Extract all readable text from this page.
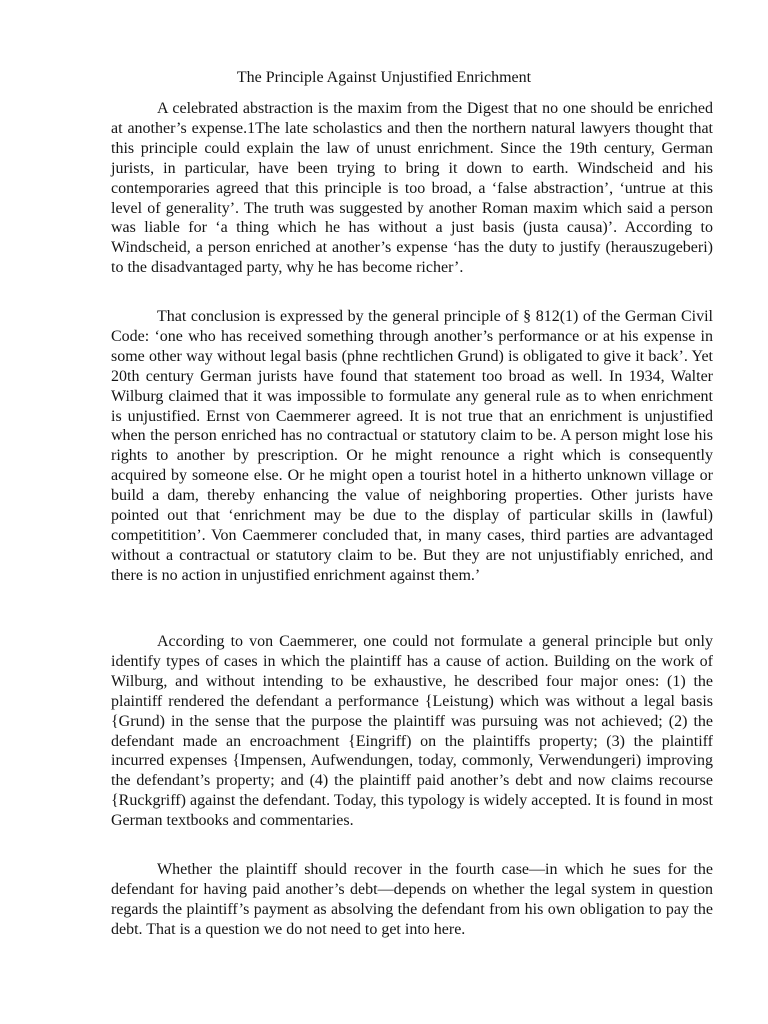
The Principle Against Unjustified Enrichment

A celebrated abstraction is the maxim from the Digest that no one should be enriched at another’s expense.1The late scholastics and then the northern natural lawyers thought that this principle could explain the law of unust enrichment. Since the 19th century, German jurists, in particular, have been trying to bring it down to earth. Windscheid and his contemporaries agreed that this principle is too broad, a ‘false abstraction’, ‘untrue at this level of generality’. The truth was suggested by another Roman maxim which said a person was liable for ‘a thing which he has without a just basis (justa causa)’. According to Windscheid, a person enriched at another’s expense ‘has the duty to justify (herauszugeberi) to the disadvantaged party, why he has become richer’.

That conclusion is expressed by the general principle of § 812(1) of the German Civil Code: ‘one who has received something through another’s performance or at his expense in some other way without legal basis (phne rechtlichen Grund) is obligated to give it back’. Yet 20th century German jurists have found that statement too broad as well. In 1934, Walter Wilburg claimed that it was impossible to formulate any general rule as to when enrichment is unjustified. Ernst von Caemmerer agreed. It is not true that an enrichment is unjustified when the person enriched has no contractual or statutory claim to be. A person might lose his rights to another by prescription. Or he might renounce a right which is consequently acquired by someone else. Or he might open a tourist hotel in a hitherto unknown village or build a dam, thereby enhancing the value of neighboring properties. Other jurists have pointed out that ‘enrichment may be due to the display of particular skills in (lawful) competitition’. Von Caemmerer concluded that, in many cases, third parties are advantaged without a contractual or statutory claim to be. But they are not unjustifiably enriched, and there is no action in unjustified enrichment against them.’

According to von Caemmerer, one could not formulate a general principle but only identify types of cases in which the plaintiff has a cause of action. Building on the work of Wilburg, and without intending to be exhaustive, he described four major ones: (1) the plaintiff rendered the defendant a performance {Leistung) which was without a legal basis {Grund) in the sense that the purpose the plaintiff was pursuing was not achieved; (2) the defendant made an encroachment {Eingriff) on the plaintiffs property; (3) the plaintiff incurred expenses {Impensen, Aufwendungen, today, commonly, Verwendungeri) improving the defendant’s property; and (4) the plaintiff paid another’s debt and now claims recourse {Ruckgriff) against the defendant. Today, this typology is widely accepted. It is found in most German textbooks and commentaries.

Whether the plaintiff should recover in the fourth case—in which he sues for the defendant for having paid another’s debt—depends on whether the legal system in question regards the plaintiff’s payment as absolving the defendant from his own obligation to pay the debt. That is a question we do not need to get into here.
